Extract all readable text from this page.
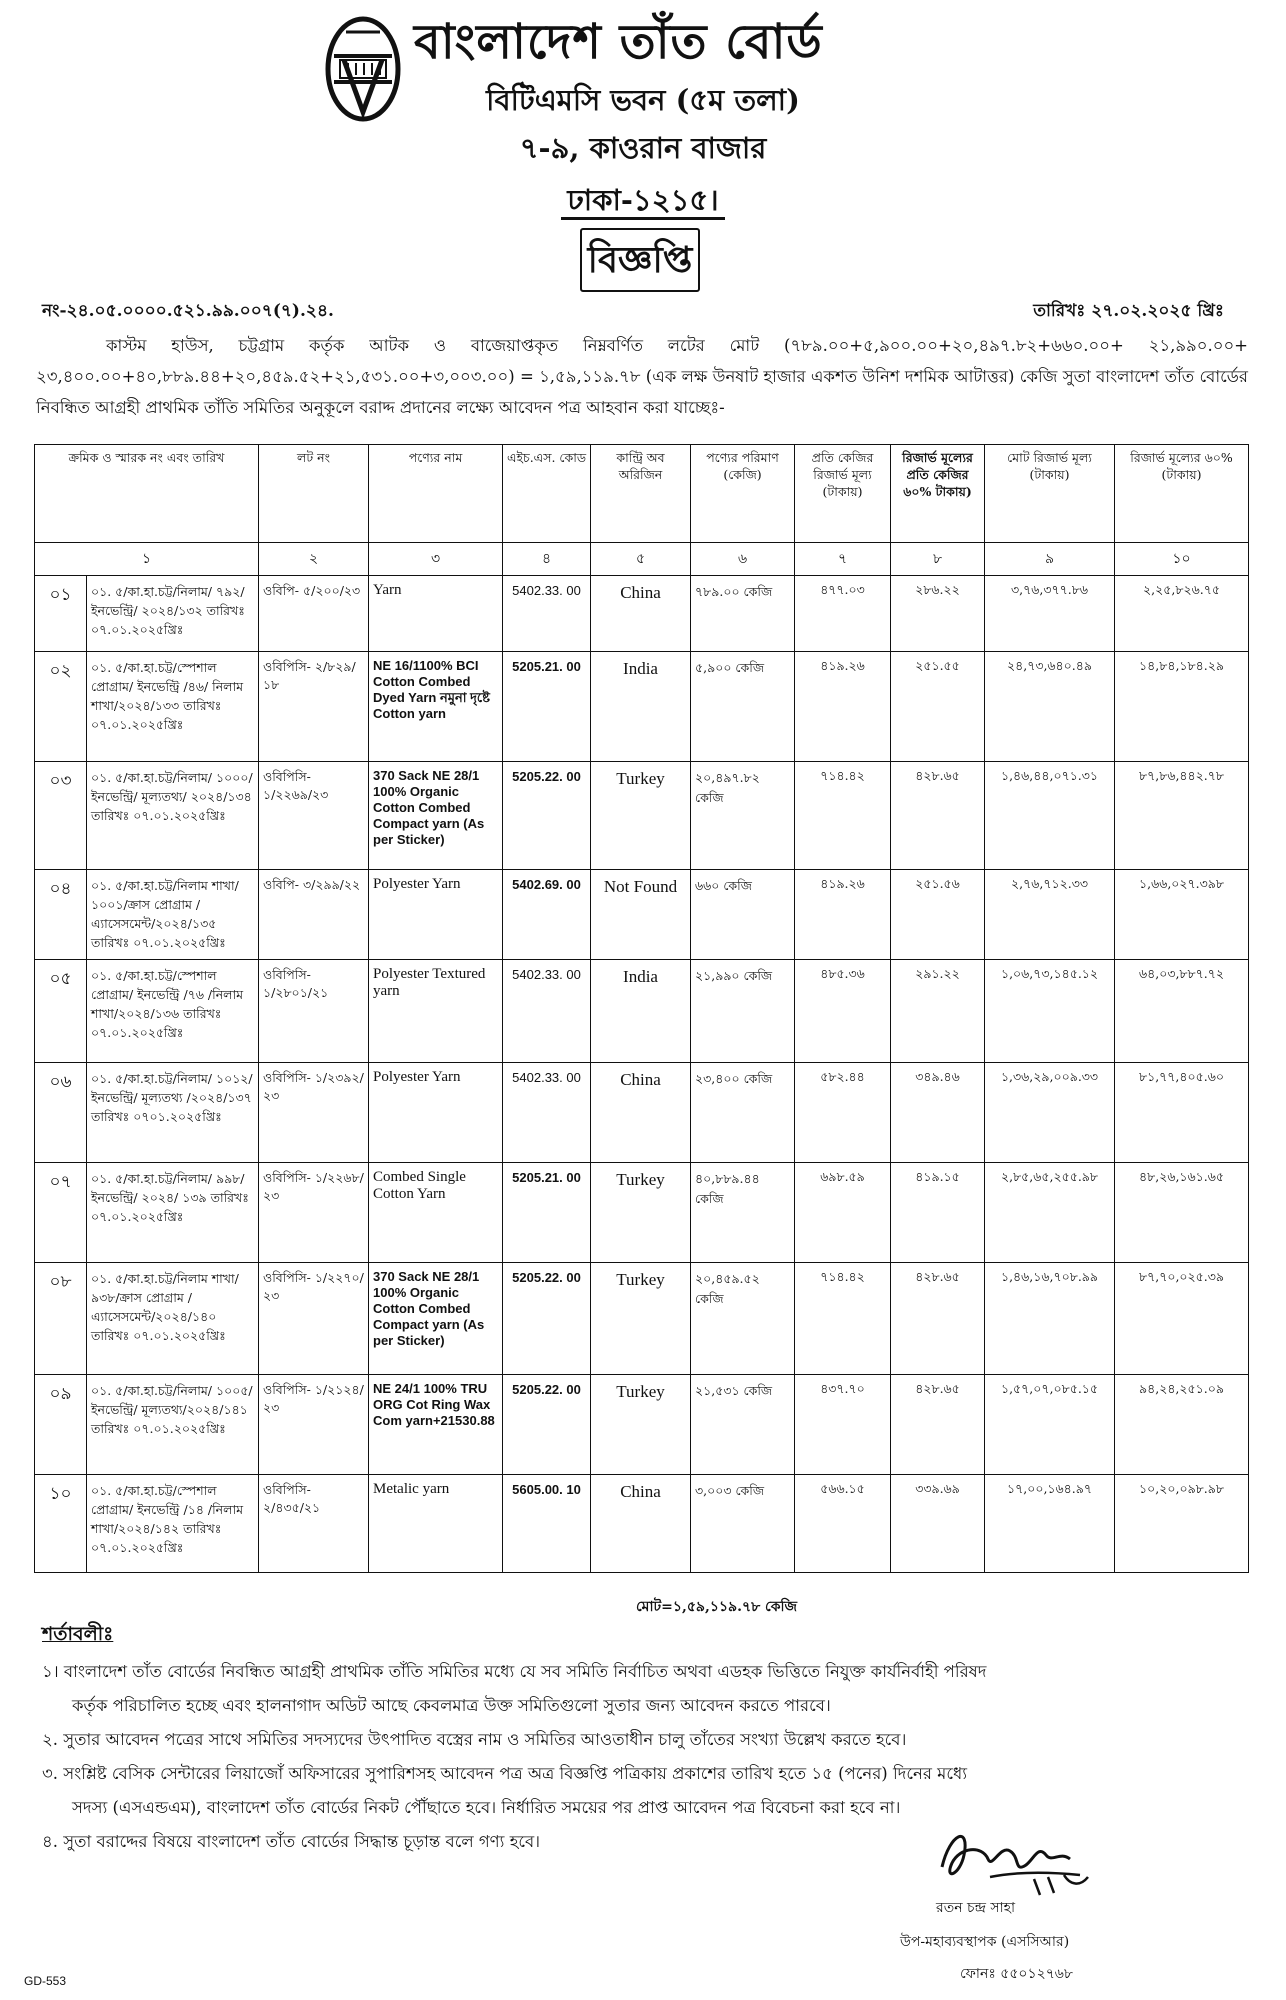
বাংলাদেশ তাঁত বোর্ড
বিটিএমসি ভবন (৫ম তলা)
৭-৯, কাওরান বাজার
ঢাকা-১২১৫।
বিজ্ঞপ্তি
নং-২৪.০৫.০০০০.৫২১.৯৯.০০৭(৭).২৪.	তারিখঃ ২৭.০২.২০২৫ খ্রিঃ
কাস্টম হাউস, চট্টগ্রাম কর্তৃক আটক ও বাজেয়াপ্তকৃত নিম্নবর্ণিত লটের মোট (৭৮৯.০০+৫,৯০০.০০+২০,৪৯৭.৮২+৬৬০.০০+ ২১,৯৯০.০০+ ২৩,৪০০.০০+৪০,৮৮৯.৪৪+২০,৪৫৯.৫২+২১,৫৩১.০০+৩,০০৩.০০) = ১,৫৯,১১৯.৭৮ (এক লক্ষ উনষাট হাজার একশত উনিশ দশমিক আটাত্তর) কেজি সুতা বাংলাদেশ তাঁত বোর্ডের নিবন্ধিত আগ্রহী প্রাথমিক তাঁতি সমিতির অনুকূলে বরাদ্দ প্রদানের লক্ষ্যে আবেদন পত্র আহবান করা যাচ্ছেঃ-
ক্রমিক ও স্মারক নং এবং তারিখ		লট নং	পণ্যের নাম	এইচ.এস. কোড	কান্ট্রি অব অরিজিন	পণ্যের পরিমাণ (কেজি)	প্রতি কেজির রিজার্ভ মূল্য (টাকায়)	রিজার্ভ মূল্যের প্রতি কেজির ৬০% টাকায়)	মোট রিজার্ভ মূল্য (টাকায়)	রিজার্ভ মূল্যের ৬০% (টাকায়)
১		২	৩	৪	৫	৬	৭	৮	৯	১০
০১	০১. ৫/কা.হা.চট্ট/নিলাম/ ৭৯২/ ইনভেন্ট্রি/ ২০২৪/১৩২ তারিখঃ ০৭.০১.২০২৫খ্রিঃ	ওবিপি- ৫/২০০/২৩	Yarn	5402.33. 00	China	৭৮৯.০০ কেজি	৪৭৭.০৩	২৮৬.২২	৩,৭৬,৩৭৭.৮৬	২,২৫,৮২৬.৭৫
০২	০১. ৫/কা.হা.চট্ট/স্পেশাল প্রোগ্রাম/ ইনভেন্ট্রি /৪৬/ নিলাম শাখা/২০২৪/১৩৩ তারিখঃ ০৭.০১.২০২৫খ্রিঃ	ওবিপিসি- ২/৮২৯/ ১৮	NE 16/1100% BCI Cotton Combed Dyed Yarn নমুনা দৃষ্টে Cotton yarn	5205.21. 00	India	৫,৯০০ কেজি	৪১৯.২৬	২৫১.৫৫	২৪,৭৩,৬৪০.৪৯	১৪,৮৪,১৮৪.২৯
০৩	০১. ৫/কা.হা.চট্ট/নিলাম/ ১০০০/ইনভেন্ট্রি/ মূল্যতথ্য/ ২০২৪/১৩৪ তারিখঃ ০৭.০১.২০২৫খ্রিঃ	ওবিপিসি- ১/২২৬৯/২৩	370 Sack NE 28/1 100% Organic Cotton Combed Compact yarn (As per Sticker)	5205.22. 00	Turkey	২০,৪৯৭.৮২ কেজি	৭১৪.৪২	৪২৮.৬৫	১,৪৬,৪৪,০৭১.৩১	৮৭,৮৬,৪৪২.৭৮
০৪	০১. ৫/কা.হা.চট্ট/নিলাম শাখা/১০০১/ক্রাস প্রোগ্রাম /এ্যাসেসমেন্ট/২০২৪/১৩৫ তারিখঃ ০৭.০১.২০২৫খ্রিঃ	ওবিপি- ৩/২৯৯/২২	Polyester Yarn	5402.69. 00	Not Found	৬৬০ কেজি	৪১৯.২৬	২৫১.৫৬	২,৭৬,৭১২.৩৩	১,৬৬,০২৭.৩৯৮
০৫	০১. ৫/কা.হা.চট্ট/স্পেশাল প্রোগ্রাম/ ইনভেন্ট্রি /৭৬ /নিলাম শাখা/২০২৪/১৩৬ তারিখঃ ০৭.০১.২০২৫খ্রিঃ	ওবিপিসি- ১/২৮০১/২১	Polyester Textured yarn	5402.33. 00	India	২১,৯৯০ কেজি	৪৮৫.৩৬	২৯১.২২	১,০৬,৭৩,১৪৫.১২	৬৪,০৩,৮৮৭.৭২
০৬	০১. ৫/কা.হা.চট্ট/নিলাম/ ১০১২/ইনভেন্ট্রি/ মূল্যতথ্য /২০২৪/১৩৭ তারিখঃ ০৭০১.২০২৫খ্রিঃ	ওবিপিসি- ১/২৩৯২/ ২৩	Polyester Yarn	5402.33. 00	China	২৩,৪০০ কেজি	৫৮২.৪৪	৩৪৯.৪৬	১,৩৬,২৯,০০৯.৩৩	৮১,৭৭,৪০৫.৬০
০৭	০১. ৫/কা.হা.চট্ট/নিলাম/ ৯৯৮/ ইনভেন্ট্রি/ ২০২৪/ ১৩৯ তারিখঃ ০৭.০১.২০২৫খ্রিঃ	ওবিপিসি- ১/২২৬৮/ ২৩	Combed Single Cotton Yarn	5205.21. 00	Turkey	৪০,৮৮৯.৪৪ কেজি	৬৯৮.৫৯	৪১৯.১৫	২,৮৫,৬৫,২৫৫.৯৮	৪৮,২৬,১৬১.৬৫
০৮	০১. ৫/কা.হা.চট্ট/নিলাম শাখা/৯৩৮/ক্রাস প্রোগ্রাম /এ্যাসেসমেন্ট/২০২৪/১৪০ তারিখঃ ০৭.০১.২০২৫খ্রিঃ	ওবিপিসি- ১/২২৭০/ ২৩	370 Sack NE 28/1 100% Organic Cotton Combed Compact yarn (As per Sticker)	5205.22. 00	Turkey	২০,৪৫৯.৫২ কেজি	৭১৪.৪২	৪২৮.৬৫	১,৪৬,১৬,৭০৮.৯৯	৮৭,৭০,০২৫.৩৯
০৯	০১. ৫/কা.হা.চট্ট/নিলাম/ ১০০৫/ইনভেন্ট্রি/ মূল্যতথ্য/২০২৪/১৪১ তারিখঃ ০৭.০১.২০২৫খ্রিঃ	ওবিপিসি- ১/২১২৪/ ২৩	NE 24/1 100% TRU ORG Cot Ring Wax Com yarn+21530.88	5205.22. 00	Turkey	২১,৫৩১ কেজি	৪৩৭.৭০	৪২৮.৬৫	১,৫৭,০৭,০৮৫.১৫	৯৪,২৪,২৫১.০৯
১০	০১. ৫/কা.হা.চট্ট/স্পেশাল প্রোগ্রাম/ ইনভেন্ট্রি /১৪ /নিলাম শাখা/২০২৪/১৪২ তারিখঃ ০৭.০১.২০২৫খ্রিঃ	ওবিপিসি- ২/৪৩৫/২১	Metalic yarn	5605.00. 10	China	৩,০০৩ কেজি	৫৬৬.১৫	৩৩৯.৬৯	১৭,০০,১৬৪.৯৭	১০,২০,০৯৮.৯৮
মোট=১,৫৯,১১৯.৭৮ কেজি
শর্তাবলীঃ
১। বাংলাদেশ তাঁত বোর্ডের নিবন্ধিত আগ্রহী প্রাথমিক তাঁতি সমিতির মধ্যে যে সব সমিতি নির্বাচিত অথবা এডহক ভিত্তিতে নিযুক্ত কার্যনির্বাহী পরিষদ
কর্তৃক পরিচালিত হচ্ছে এবং হালনাগাদ অডিট আছে কেবলমাত্র উক্ত সমিতিগুলো সুতার জন্য আবেদন করতে পারবে।
২. সুতার আবেদন পত্রের সাথে সমিতির সদস্যদের উৎপাদিত বস্ত্রের নাম ও সমিতির আওতাধীন চালু তাঁতের সংখ্যা উল্লেখ করতে হবে।
৩. সংশ্লিষ্ট বেসিক সেন্টারের লিয়াজোঁ অফিসারের সুপারিশসহ আবেদন পত্র অত্র বিজ্ঞপ্তি পত্রিকায় প্রকাশের তারিখ হতে ১৫ (পনের) দিনের মধ্যে
সদস্য (এসএন্ডএম), বাংলাদেশ তাঁত বোর্ডের নিকট পৌঁছাতে হবে। নির্ধারিত সময়ের পর প্রাপ্ত আবেদন পত্র বিবেচনা করা হবে না।
৪. সুতা বরাদ্দের বিষয়ে বাংলাদেশ তাঁত বোর্ডের সিদ্ধান্ত চূড়ান্ত বলে গণ্য হবে।
রতন চন্দ্র সাহা
উপ-মহাব্যবস্থাপক (এসসিআর)
ফোনঃ ৫৫০১২৭৬৮
GD-553
